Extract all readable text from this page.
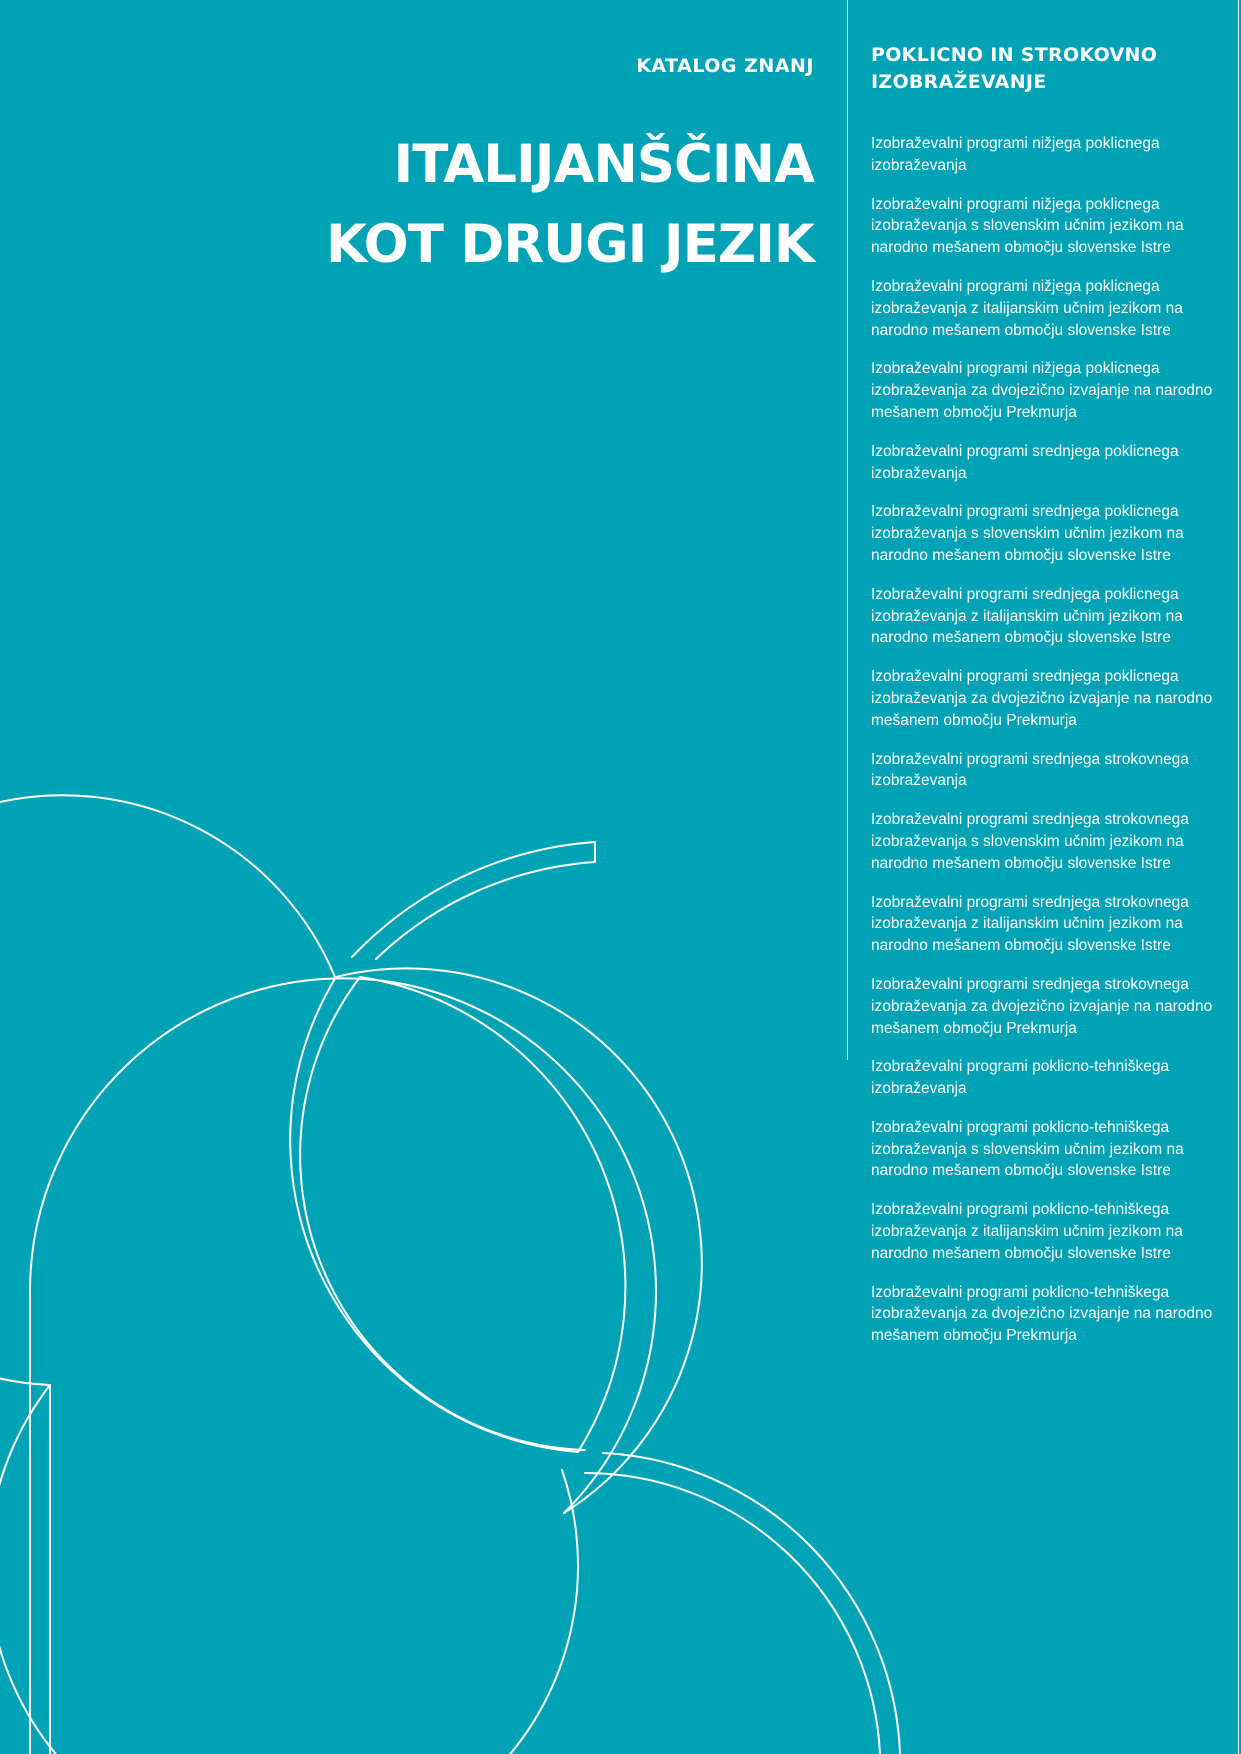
KATALOG ZNANJ
ITALIJANŠČINA
KOT DRUGI JEZIK
POKLICNO IN STROKOVNO
IZOBRAŽEVANJE
Izobraževalni programi nižjega poklicnega izobraževanja
Izobraževalni programi nižjega poklicnega izobraževanja s slovenskim učnim jezikom na narodno mešanem območju slovenske Istre
Izobraževalni programi nižjega poklicnega izobraževanja z italijanskim učnim jezikom na narodno mešanem območju slovenske Istre
Izobraževalni programi nižjega poklicnega izobraževanja za dvojezično izvajanje na narodno mešanem območju Prekmurja
Izobraževalni programi srednjega poklicnega izobraževanja
Izobraževalni programi srednjega poklicnega izobraževanja s slovenskim učnim jezikom na narodno mešanem območju slovenske Istre
Izobraževalni programi srednjega poklicnega izobraževanja z italijanskim učnim jezikom na narodno mešanem območju slovenske Istre
Izobraževalni programi srednjega poklicnega izobraževanja za dvojezično izvajanje na narodno mešanem območju Prekmurja
Izobraževalni programi srednjega strokovnega izobraževanja
Izobraževalni programi srednjega strokovnega izobraževanja s slovenskim učnim jezikom na narodno mešanem območju slovenske Istre
Izobraževalni programi srednjega strokovnega izobraževanja z italijanskim učnim jezikom na narodno mešanem območju slovenske Istre
Izobraževalni programi srednjega strokovnega izobraževanja za dvojezično izvajanje na narodno mešanem območju Prekmurja
Izobraževalni programi poklicno-tehniškega izobraževanja
Izobraževalni programi poklicno-tehniškega izobraževanja s slovenskim učnim jezikom na narodno mešanem območju slovenske Istre
Izobraževalni programi poklicno-tehniškega izobraževanja z italijanskim učnim jezikom na narodno mešanem območju slovenske Istre
Izobraževalni programi poklicno-tehniškega izobraževanja za dvojezično izvajanje na narodno mešanem območju Prekmurja
